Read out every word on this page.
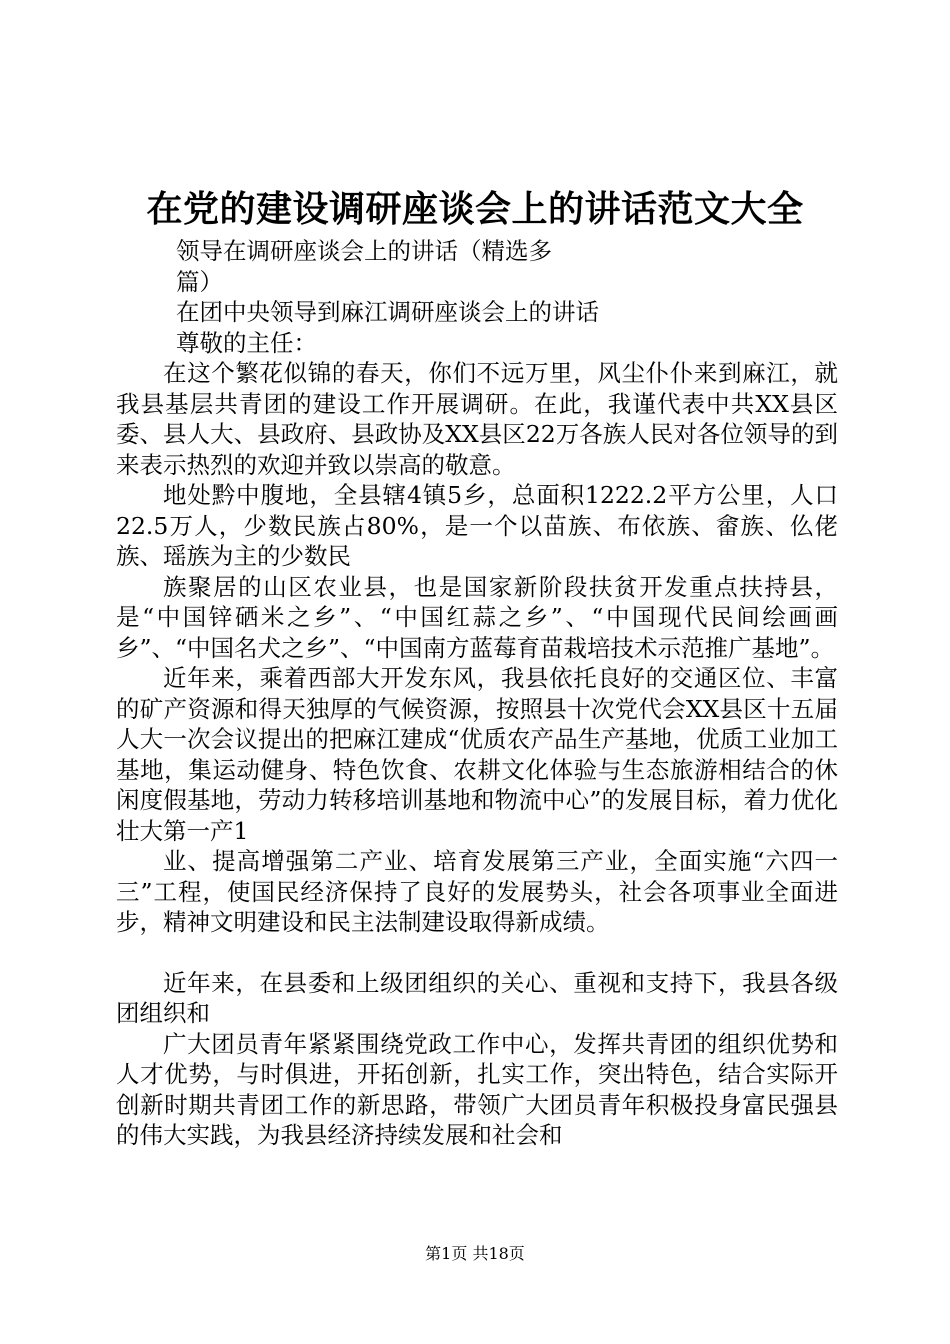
在党的建设调研座谈会上的讲话范文大全

领导在调研座谈会上的讲话（精选多

篇）

在团中央领导到麻江调研座谈会上的讲话

尊敬的主任：

在这个繁花似锦的春天，你们不远万里，风尘仆仆来到麻江，就我县基层共青团的建设工作开展调研。在此，我谨代表中共XX县区委、县人大、县政府、县政协及XX县区22万各族人民对各位领导的到来表示热烈的欢迎并致以崇高的敬意。

地处黔中腹地，全县辖4镇5乡，总面积1222.2平方公里，人口22.5万人，少数民族占80%，是一个以苗族、布依族、畲族、仫佬族、瑶族为主的少数民

族聚居的山区农业县，也是国家新阶段扶贫开发重点扶持县，是“中国锌硒米之乡”、“中国红蒜之乡”、“中国现代民间绘画画乡”、“中国名犬之乡”、“中国南方蓝莓育苗栽培技术示范推广基地”。

近年来，乘着西部大开发东风，我县依托良好的交通区位、丰富的矿产资源和得天独厚的气候资源，按照县十次党代会XX县区十五届人大一次会议提出的把麻江建成“优质农产品生产基地，优质工业加工基地，集运动健身、特色饮食、农耕文化体验与生态旅游相结合的休闲度假基地，劳动力转移培训基地和物流中心”的发展目标，着力优化壮大第一产1

业、提高增强第二产业、培育发展第三产业，全面实施“六四一三”工程，使国民经济保持了良好的发展势头，社会各项事业全面进步，精神文明建设和民主法制建设取得新成绩。

近年来，在县委和上级团组织的关心、重视和支持下，我县各级团组织和

广大团员青年紧紧围绕党政工作中心，发挥共青团的组织优势和人才优势，与时俱进，开拓创新，扎实工作，突出特色，结合实际开创新时期共青团工作的新思路，带领广大团员青年积极投身富民强县的伟大实践，为我县经济持续发展和社会和

第1页 共18页
